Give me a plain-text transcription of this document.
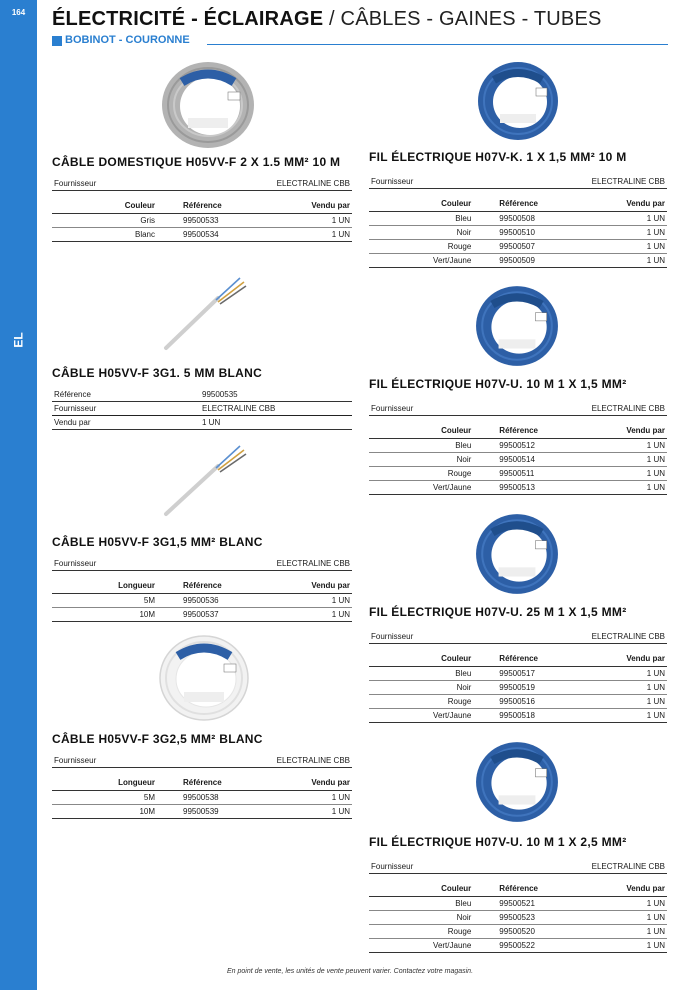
164
EL
ÉLECTRICITÉ - ÉCLAIRAGE / CÂBLES - GAINES - TUBES
BOBINOT - COURONNE
CÂBLE DOMESTIQUE H05VV-F 2 X 1.5 MM² 10 M
Fournisseur	ELECTRALINE CBB
Couleur	Référence	Vendu par
Gris	99500533	1 UN
Blanc	99500534	1 UN
CÂBLE H05VV-F 3G1. 5 MM BLANC
Référence	99500535
Fournisseur	ELECTRALINE CBB
Vendu par	1 UN
CÂBLE H05VV-F 3G1,5 MM² BLANC
Fournisseur	ELECTRALINE CBB
Longueur	Référence	Vendu par
5M	99500536	1 UN
10M	99500537	1 UN
CÂBLE H05VV-F 3G2,5 MM² BLANC
Fournisseur	ELECTRALINE CBB
Longueur	Référence	Vendu par
5M	99500538	1 UN
10M	99500539	1 UN
FIL ÉLECTRIQUE H07V-K. 1 X 1,5 MM² 10 M
Fournisseur	ELECTRALINE CBB
Couleur	Référence	Vendu par
Bleu	99500508	1 UN
Noir	99500510	1 UN
Rouge	99500507	1 UN
Vert/Jaune	99500509	1 UN
FIL ÉLECTRIQUE H07V-U. 10 M 1 X 1,5 MM²
Fournisseur	ELECTRALINE CBB
Couleur	Référence	Vendu par
Bleu	99500512	1 UN
Noir	99500514	1 UN
Rouge	99500511	1 UN
Vert/Jaune	99500513	1 UN
FIL ÉLECTRIQUE H07V-U. 25 M 1 X 1,5 MM²
Fournisseur	ELECTRALINE CBB
Couleur	Référence	Vendu par
Bleu	99500517	1 UN
Noir	99500519	1 UN
Rouge	99500516	1 UN
Vert/Jaune	99500518	1 UN
FIL ÉLECTRIQUE H07V-U. 10 M 1 X 2,5 MM²
Fournisseur	ELECTRALINE CBB
Couleur	Référence	Vendu par
Bleu	99500521	1 UN
Noir	99500523	1 UN
Rouge	99500520	1 UN
Vert/Jaune	99500522	1 UN
En point de vente, les unités de vente peuvent varier. Contactez votre magasin.
